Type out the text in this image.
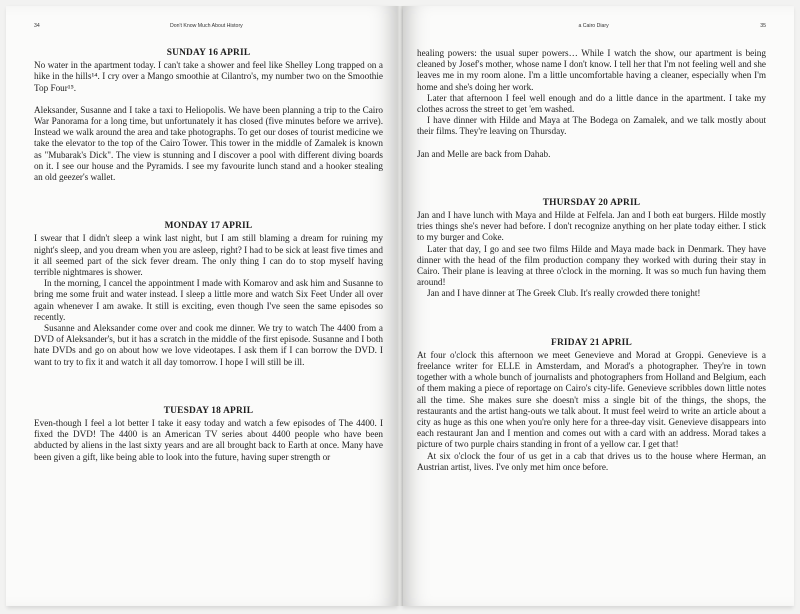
34	Don't Know Much About History
SUNDAY 16 APRIL

No water in the apartment today. I can't take a shower and feel like Shelley Long trapped on a hike in the hills¹⁴. I cry over a Mango smoothie at Cilantro's, my number two on the Smoothie Top Four¹⁵.

Aleksander, Susanne and I take a taxi to Heliopolis. We have been planning a trip to the Cairo War Panorama for a long time, but unfortunately it has closed (five minutes before we arrive). Instead we walk around the area and take photographs. To get our doses of tourist medicine we take the elevator to the top of the Cairo Tower. This tower in the middle of Zamalek is known as "Mubarak's Dick". The view is stunning and I discover a pool with different diving boards on it. I see our house and the Pyramids. I see my favourite lunch stand and a hooker stealing an old geezer's wallet.

MONDAY 17 APRIL

I swear that I didn't sleep a wink last night, but I am still blaming a dream for ruining my night's sleep, and you dream when you are asleep, right? I had to be sick at least five times and it all seemed part of the sick fever dream. The only thing I can do to stop myself having terrible nightmares is shower.

In the morning, I cancel the appointment I made with Komarov and ask him and Susanne to bring me some fruit and water instead. I sleep a little more and watch Six Feet Under all over again whenever I am awake. It still is exciting, even though I've seen the same episodes so recently.

Susanne and Aleksander come over and cook me dinner. We try to watch The 4400 from a DVD of Aleksander's, but it has a scratch in the middle of the first episode. Susanne and I both hate DVDs and go on about how we love videotapes. I ask them if I can borrow the DVD. I want to try to fix it and watch it all day tomorrow. I hope I will still be ill.

TUESDAY 18 APRIL

Even-though I feel a lot better I take it easy today and watch a few episodes of The 4400. I fixed the DVD! The 4400 is an American TV series about 4400 people who have been abducted by aliens in the last sixty years and are all brought back to Earth at once. Many have been given a gift, like being able to look into the future, having super strength or

a Cairo Diary	35

healing powers: the usual super powers… While I watch the show, our apartment is being cleaned by Josef's mother, whose name I don't know. I tell her that I'm not feeling well and she leaves me in my room alone. I'm a little uncomfortable having a cleaner, especially when I'm home and she's doing her work.

Later that afternoon I feel well enough and do a little dance in the apartment. I take my clothes across the street to get 'em washed.

I have dinner with Hilde and Maya at The Bodega on Zamalek, and we talk mostly about their films. They're leaving on Thursday.

Jan and Melle are back from Dahab.

THURSDAY 20 APRIL

Jan and I have lunch with Maya and Hilde at Felfela. Jan and I both eat burgers. Hilde mostly tries things she's never had before. I don't recognize anything on her plate today either. I stick to my burger and Coke.

Later that day, I go and see two films Hilde and Maya made back in Denmark. They have dinner with the head of the film production company they worked with during their stay in Cairo. Their plane is leaving at three o'clock in the morning. It was so much fun having them around!

Jan and I have dinner at The Greek Club. It's really crowded there tonight!

FRIDAY 21 APRIL

At four o'clock this afternoon we meet Genevieve and Morad at Groppi. Genevieve is a freelance writer for ELLE in Amsterdam, and Morad's a photographer. They're in town together with a whole bunch of journalists and photographers from Holland and Belgium, each of them making a piece of reportage on Cairo's city-life. Genevieve scribbles down little notes all the time. She makes sure she doesn't miss a single bit of the things, the shops, the restaurants and the artist hang-outs we talk about. It must feel weird to write an article about a city as huge as this one when you're only here for a three-day visit. Genevieve disappears into each restaurant Jan and I mention and comes out with a card with an address. Morad takes a picture of two purple chairs standing in front of a yellow car. I get that!

At six o'clock the four of us get in a cab that drives us to the house where Herman, an Austrian artist, lives. I've only met him once before.
